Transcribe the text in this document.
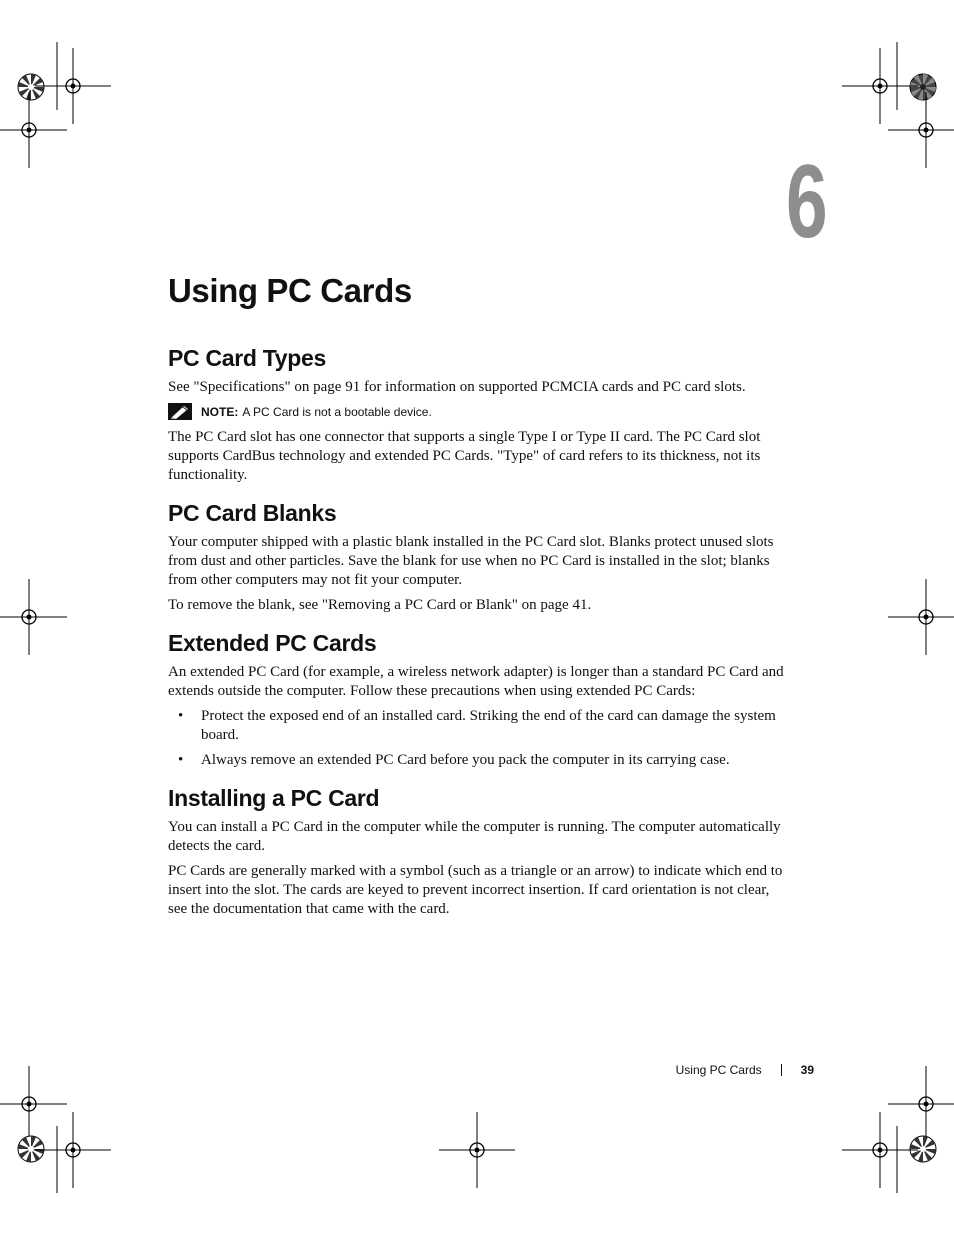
6
Using PC Cards
PC Card Types

See "Specifications" on page 91 for information on supported PCMCIA cards and PC card slots.

NOTE: A PC Card is not a bootable device.

The PC Card slot has one connector that supports a single Type I or Type II card. The PC Card slot supports CardBus technology and extended PC Cards. "Type" of card refers to its thickness, not its functionality.

PC Card Blanks

Your computer shipped with a plastic blank installed in the PC Card slot. Blanks protect unused slots from dust and other particles. Save the blank for use when no PC Card is installed in the slot; blanks from other computers may not fit your computer.

To remove the blank, see "Removing a PC Card or Blank" on page 41.

Extended PC Cards

An extended PC Card (for example, a wireless network adapter) is longer than a standard PC Card and extends outside the computer. Follow these precautions when using extended PC Cards:

• Protect the exposed end of an installed card. Striking the end of the card can damage the system board.
• Always remove an extended PC Card before you pack the computer in its carrying case.
Installing a PC Card

You can install a PC Card in the computer while the computer is running. The computer automatically detects the card.

PC Cards are generally marked with a symbol (such as a triangle or an arrow) to indicate which end to insert into the slot. The cards are keyed to prevent incorrect insertion. If card orientation is not clear, see the documentation that came with the card.

Using PC Cards	39
